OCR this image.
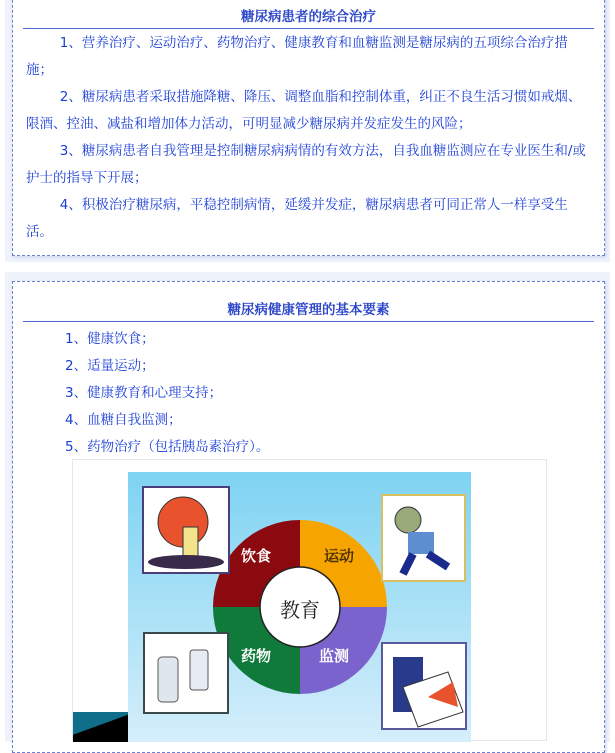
糖尿病患者的综合治疗

1、营养治疗、运动治疗、药物治疗、健康教育和血糖监测是糖尿病的五项综合治疗措施；

2、糖尿病患者采取措施降糖、降压、调整血脂和控制体重，纠正不良生活习惯如戒烟、限酒、控油、减盐和增加体力活动，可明显减少糖尿病并发症发生的风险；

3、糖尿病患者自我管理是控制糖尿病病情的有效方法，自我血糖监测应在专业医生和/或护士的指导下开展；

4、积极治疗糖尿病，平稳控制病情，延缓并发症，糖尿病患者可同正常人一样享受生活。

糖尿病健康管理的基本要素
1、健康饮食；
2、适量运动；
3、健康教育和心理支持；
4、血糖自我监测；
5、药物治疗（包括胰岛素治疗）。
饮食	运动
药物	监测
教育
